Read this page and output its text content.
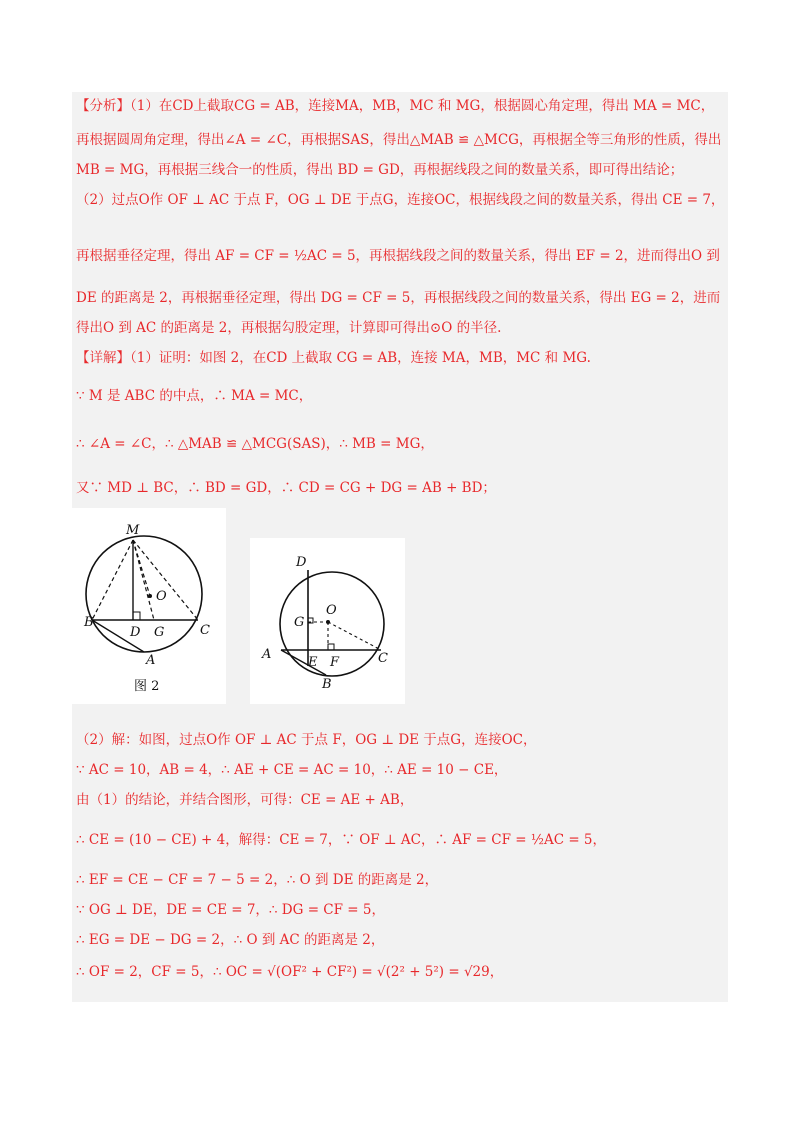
【分析】（1）在CD上截取CG = AB，连接MA，MB，MC 和 MG，根据圆心角定理，得出 MA = MC，
再根据圆周角定理，得出∠A = ∠C，再根据SAS，得出△MAB ≌ △MCG，再根据全等三角形的性质，得出
MB = MG，再根据三线合一的性质，得出 BD = GD，再根据线段之间的数量关系，即可得出结论；
（2）过点O作 OF ⊥ AC 于点 F，OG ⊥ DE 于点G，连接OC，根据线段之间的数量关系，得出 CE = 7，
再根据垂径定理，得出 AF = CF = ½AC = 5，再根据线段之间的数量关系，得出 EF = 2，进而得出O 到
DE 的距离是 2，再根据垂径定理，得出 DG = CF = 5，再根据线段之间的数量关系，得出 EG = 2，进而
得出O 到 AC 的距离是 2，再根据勾股定理，计算即可得出⊙O 的半径.
【详解】（1）证明：如图 2，在CD 上截取 CG = AB，连接 MA，MB，MC 和 MG.
∵ M 是 ABC 的中点，∴ MA = MC，
∴ ∠A = ∠C，∴ △MAB ≌ △MCG(SAS)，∴ MB = MG，
又∵ MD ⊥ BC，∴ BD = GD，∴ CD = CG + DG = AB + BD；
M
O
B
D G	C
A
图 2
D
O
G
A
E F	C
B
（2）解：如图，过点O作 OF ⊥ AC 于点 F，OG ⊥ DE 于点G，连接OC，
∵ AC = 10，AB = 4，∴ AE + CE = AC = 10，∴ AE = 10 − CE，
由（1）的结论，并结合图形，可得：CE = AE + AB，
∴ CE = (10 − CE) + 4，解得：CE = 7，∵ OF ⊥ AC，∴ AF = CF = ½AC = 5，
∴ EF = CE − CF = 7 − 5 = 2，∴ O 到 DE 的距离是 2，
∵ OG ⊥ DE，DE = CE = 7，∴ DG = CF = 5，
∴ EG = DE − DG = 2，∴ O 到 AC 的距离是 2，
∴ OF = 2，CF = 5，∴ OC = √(OF² + CF²) = √(2² + 5²) = √29，
